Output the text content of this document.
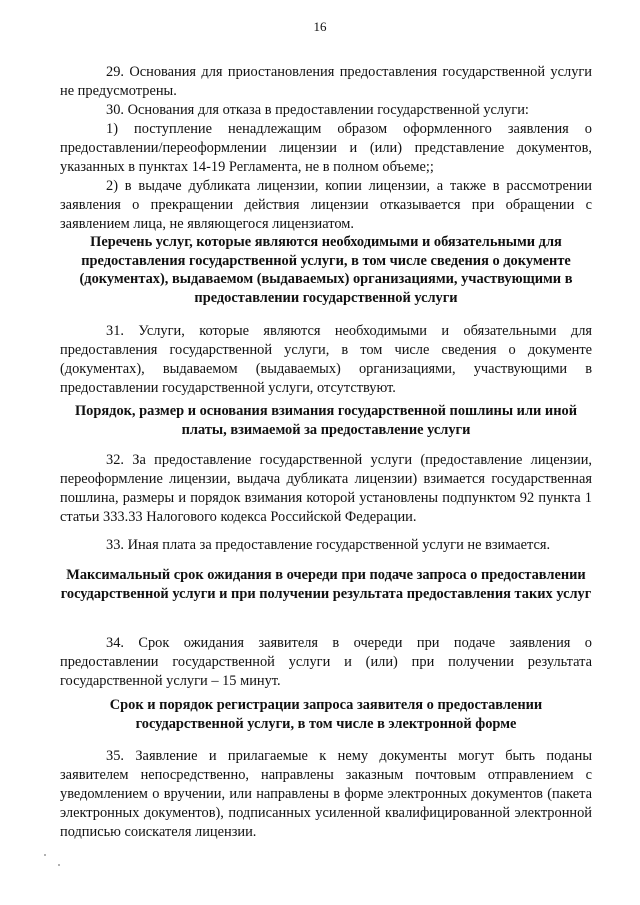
16
29. Основания для приостановления предоставления государственной услуги не предусмотрены.
30. Основания для отказа в предоставлении государственной услуги:
1) поступление ненадлежащим образом оформленного заявления о предоставлении/переоформлении лицензии и (или) представление документов, указанных в пунктах 14-19 Регламента, не в полном объеме;;
2) в выдаче дубликата лицензии, копии лицензии, а также в рассмотрении заявления о прекращении действия лицензии отказывается при обращении с заявлением лица, не являющегося лицензиатом.
Перечень услуг, которые являются необходимыми и обязательными для предоставления государственной услуги, в том числе сведения о документе (документах), выдаваемом (выдаваемых) организациями, участвующими в предоставлении государственной услуги
31. Услуги, которые являются необходимыми и обязательными для предоставления государственной услуги, в том числе сведения о документе (документах), выдаваемом (выдаваемых) организациями, участвующими в предоставлении государственной услуги, отсутствуют.
Порядок, размер и основания взимания государственной пошлины или иной платы, взимаемой за предоставление услуги
32. За предоставление государственной услуги (предоставление лицензии, переоформление лицензии, выдача дубликата лицензии) взимается государственная пошлина, размеры и порядок взимания которой установлены подпунктом 92 пункта 1 статьи 333.33 Налогового кодекса Российской Федерации.
33. Иная плата за предоставление государственной услуги не взимается.
Максимальный срок ожидания в очереди при подаче запроса о предоставлении государственной услуги и при получении результата предоставления таких услуг
34. Срок ожидания заявителя в очереди при подаче заявления о предоставлении государственной услуги и (или) при получении результата государственной услуги – 15 минут.
Срок и порядок регистрации запроса заявителя о предоставлении государственной услуги, в том числе в электронной форме
35. Заявление и прилагаемые к нему документы могут быть поданы заявителем непосредственно, направлены заказным почтовым отправлением с уведомлением о вручении, или направлены в форме электронных документов (пакета электронных документов), подписанных усиленной квалифицированной электронной подписью соискателя лицензии.
